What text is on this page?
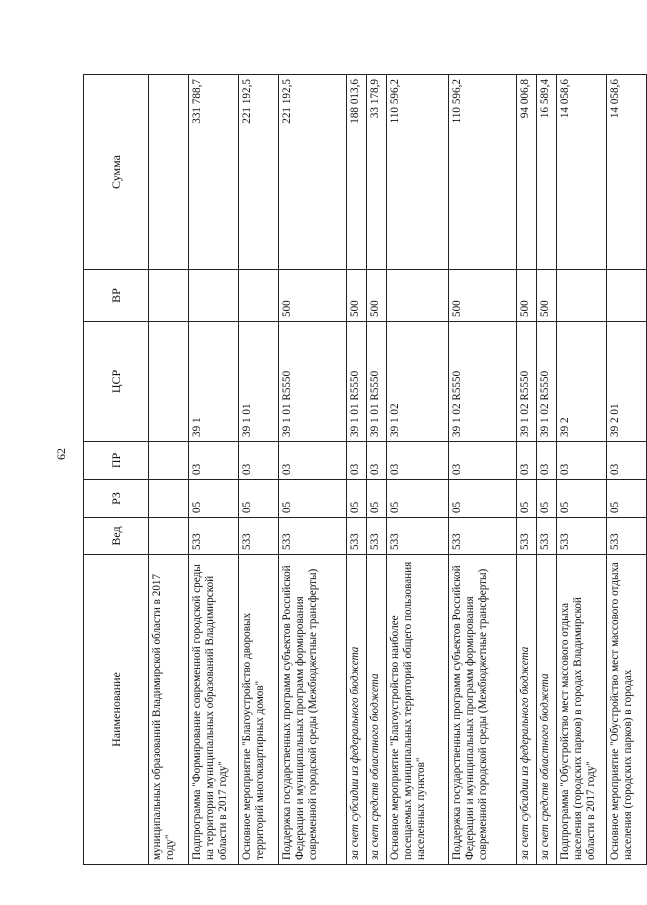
62
Наименование	Вед	РЗ	ПР	ЦСР	ВР	Сумма
муниципальных образований Владимирской области в 2017 году"						
Подпрограмма "Формирование современной городской среды на территории муниципальных образований Владимирской области в 2017 году"	533	05	03	39 1		331 788,7
Основное мероприятие "Благоустройство дворовых территорий многоквартирных домов"	533	05	03	39 1 01		221 192,5
Поддержка государственных программ субъектов Российской Федерации и муниципальных программ формирования современной городской среды (Межбюджетные трансферты)	533	05	03	39 1 01 R5550	500	221 192,5
за счет субсидии из федерального бюджета	533	05	03	39 1 01 R5550	500	188 013,6
за счет средств областного бюджета	533	05	03	39 1 01 R5550	500	33 178,9
Основное мероприятие "Благоустройство наиболее посещаемых муниципальных территорий общего пользования населенных пунктов"	533	05	03	39 1 02		110 596,2
Поддержка государственных программ субъектов Российской Федерации и муниципальных программ формирования современной городской среды (Межбюджетные трансферты)	533	05	03	39 1 02 R5550	500	110 596,2
за счет субсидии из федерального бюджета	533	05	03	39 1 02 R5550	500	94 006,8
за счет средств областного бюджета	533	05	03	39 1 02 R5550	500	16 589,4
Подпрограмма "Обустройство мест массового отдыха населения (городских парков) в городах Владимирской области в 2017 году"	533	05	03	39 2		14 058,6
Основное мероприятие "Обустройство мест массового отдыха населения (городских парков) в городах	533	05	03	39 2 01		14 058,6
